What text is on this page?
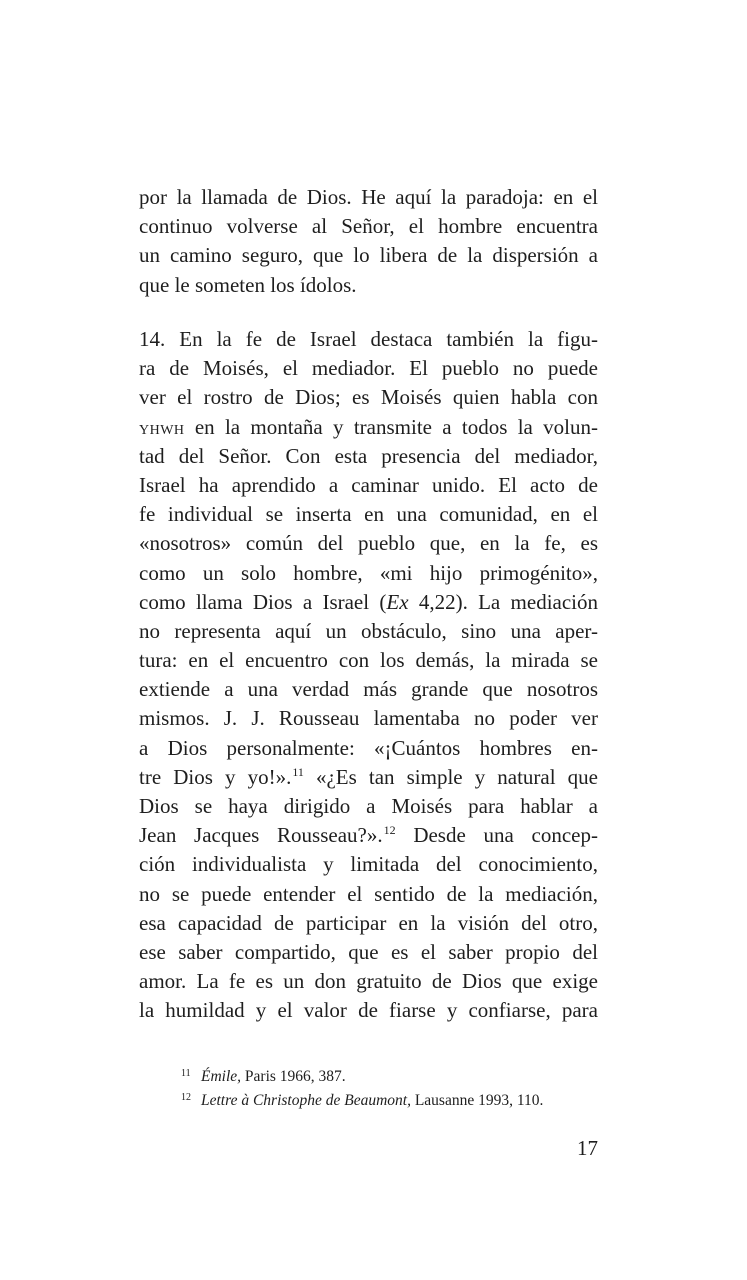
por la llamada de Dios. He aquí la paradoja: en el
continuo volverse al Señor, el hombre encuentra
un camino seguro, que lo libera de la dispersión a
que le someten los ídolos.
14. En la fe de Israel destaca también la figu-
ra de Moisés, el mediador. El pueblo no puede
ver el rostro de Dios; es Moisés quien habla con
YHWH en la montaña y transmite a todos la volun-
tad del Señor. Con esta presencia del mediador,
Israel ha aprendido a caminar unido. El acto de
fe individual se inserta en una comunidad, en el
«nosotros» común del pueblo que, en la fe, es
como un solo hombre, «mi hijo primogénito»,
como llama Dios a Israel (Ex 4,22). La mediación
no representa aquí un obstáculo, sino una aper-
tura: en el encuentro con los demás, la mirada se
extiende a una verdad más grande que nosotros
mismos. J. J. Rousseau lamentaba no poder ver
a Dios personalmente: «¡Cuántos hombres en-
tre Dios y yo!».$^{11}$ «¿Es tan simple y natural que
Dios se haya dirigido a Moisés para hablar a
Jean Jacques Rousseau?».$^{12}$ Desde una concep-
ción individualista y limitada del conocimiento,
no se puede entender el sentido de la mediación,
esa capacidad de participar en la visión del otro,
ese saber compartido, que es el saber propio del
amor. La fe es un don gratuito de Dios que exige
la humildad y el valor de fiarse y confiarse, para
11 Émile, Paris 1966, 387.
12 Lettre à Christophe de Beaumont, Lausanne 1993, 110.
17
